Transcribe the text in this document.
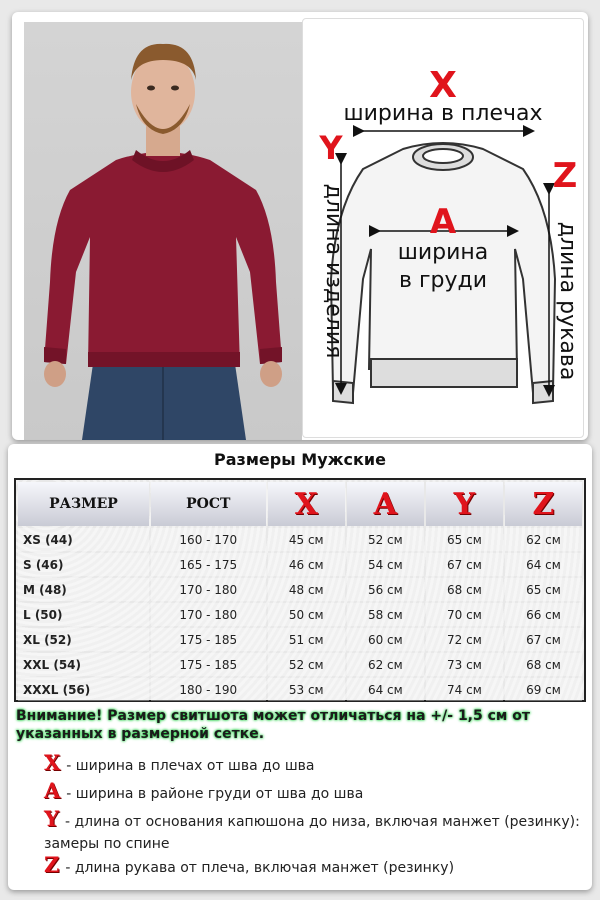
X
A
Y
Z
ширина в плечах
ширина
в груди
длина изделия	длина рукава
Размеры Мужские
РАЗМЕР	РОСТ	X	A	Y	Z
XS (44)	160 - 170	45 см	52 см	65 см	62 см
S (46)	165 - 175	46 см	54 см	67 см	64 см
M (48)	170 - 180	48 см	56 см	68 см	65 см
L (50)	170 - 180	50 см	58 см	70 см	66 см
XL (52)	175 - 185	51 см	60 см	72 см	67 см
XXL (54)	175 - 185	52 см	62 см	73 см	68 см
XXXL (56)	180 - 190	53 см	64 см	74 см	69 см
Внимание! Размер свитшота может отличаться на +/- 1,5 см от указанных в размерной сетке.
X - ширина в плечах от шва до шва
A - ширина в районе груди от шва до шва
Y - длина от основания капюшона до низа, включая манжет (резинку): замеры по спине
Z - длина рукава от плеча, включая манжет (резинку)
